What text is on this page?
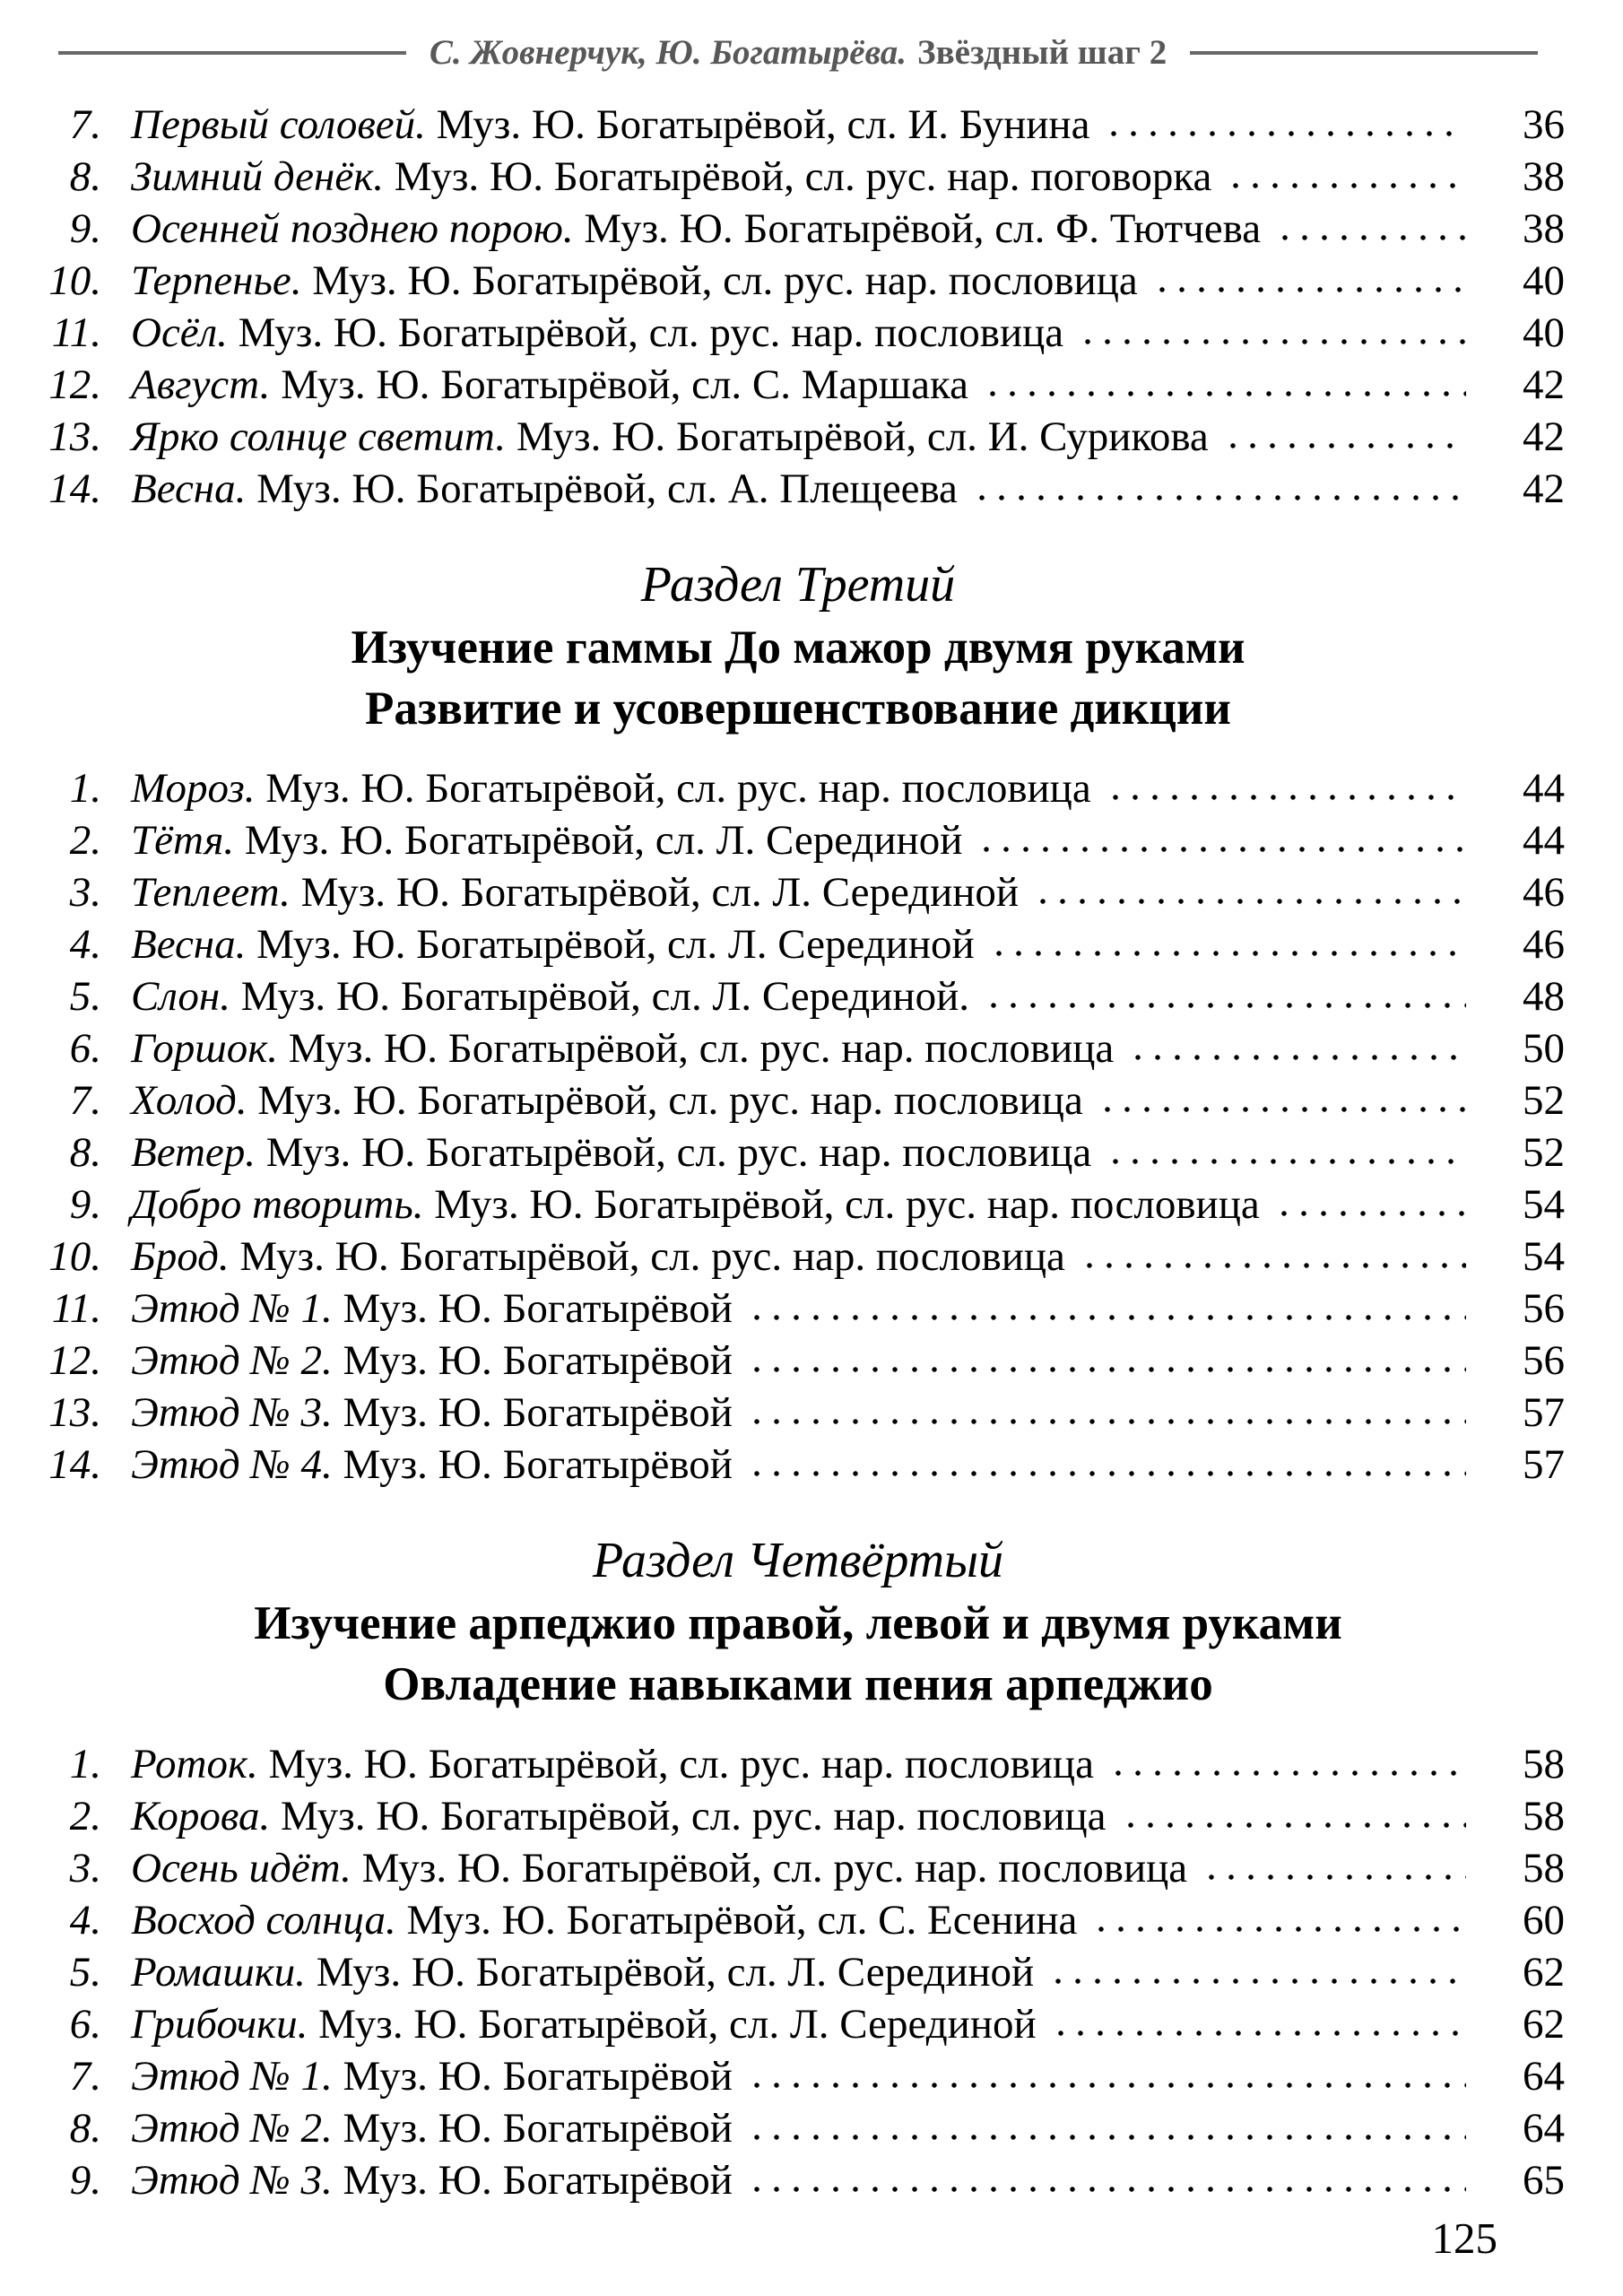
С. Жовнерчук, Ю. Богатырёва. Звёздный шаг 2
7. Первый соловей. Муз. Ю. Богатырёвой, сл. И. Бунина	36
8. Зимний денёк. Муз. Ю. Богатырёвой, сл. рус. нар. поговорка	38
9. Осенней позднею порою. Муз. Ю. Богатырёвой, сл. Ф. Тютчева	38
10. Терпенье. Муз. Ю. Богатырёвой, сл. рус. нар. пословица	40
11. Осёл. Муз. Ю. Богатырёвой, сл. рус. нар. пословица	40
12. Август. Муз. Ю. Богатырёвой, сл. С. Маршака	42
13. Ярко солнце светит. Муз. Ю. Богатырёвой, сл. И. Сурикова	42
14. Весна. Муз. Ю. Богатырёвой, сл. А. Плещеева	42
Раздел Третий
Изучение гаммы До мажор двумя руками
Развитие и усовершенствование дикции
1. Мороз. Муз. Ю. Богатырёвой, сл. рус. нар. пословица	44
2. Тётя. Муз. Ю. Богатырёвой, сл. Л. Серединой	44
3. Теплеет. Муз. Ю. Богатырёвой, сл. Л. Серединой	46
4. Весна. Муз. Ю. Богатырёвой, сл. Л. Серединой	46
5. Слон. Муз. Ю. Богатырёвой, сл. Л. Серединой.	48
6. Горшок. Муз. Ю. Богатырёвой, сл. рус. нар. пословица	50
7. Холод. Муз. Ю. Богатырёвой, сл. рус. нар. пословица	52
8. Ветер. Муз. Ю. Богатырёвой, сл. рус. нар. пословица	52
9. Добро творить. Муз. Ю. Богатырёвой, сл. рус. нар. пословица	54
10. Брод. Муз. Ю. Богатырёвой, сл. рус. нар. пословица	54
11. Этюд № 1. Муз. Ю. Богатырёвой	56
12. Этюд № 2. Муз. Ю. Богатырёвой	56
13. Этюд № 3. Муз. Ю. Богатырёвой	57
14. Этюд № 4. Муз. Ю. Богатырёвой	57
Раздел Четвёртый
Изучение арпеджио правой, левой и двумя руками
Овладение навыками пения арпеджио
1. Роток. Муз. Ю. Богатырёвой, сл. рус. нар. пословица	58
2. Корова. Муз. Ю. Богатырёвой, сл. рус. нар. пословица	58
3. Осень идёт. Муз. Ю. Богатырёвой, сл. рус. нар. пословица	58
4. Восход солнца. Муз. Ю. Богатырёвой, сл. С. Есенина	60
5. Ромашки. Муз. Ю. Богатырёвой, сл. Л. Серединой	62
6. Грибочки. Муз. Ю. Богатырёвой, сл. Л. Серединой	62
7. Этюд № 1. Муз. Ю. Богатырёвой	64
8. Этюд № 2. Муз. Ю. Богатырёвой	64
9. Этюд № 3. Муз. Ю. Богатырёвой	65
125
